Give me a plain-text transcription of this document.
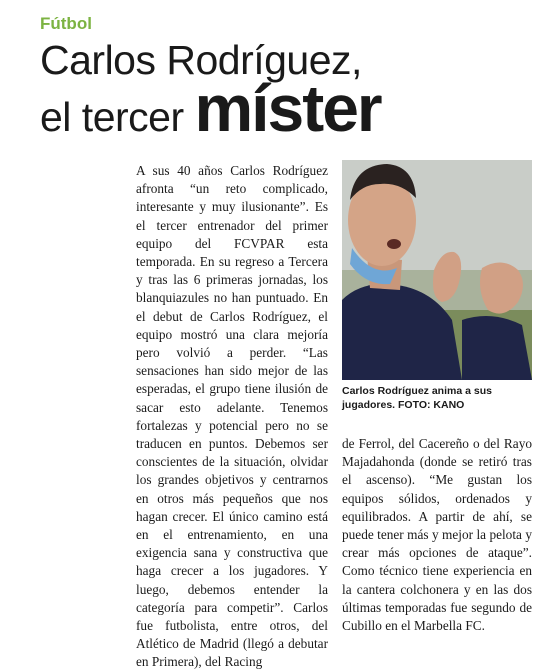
Fútbol
Carlos Rodríguez,
el tercer míster

A sus 40 años Carlos Rodríguez afronta “un reto complicado, interesante y muy ilusionante”. Es el tercer entrenador del primer equipo del FCVPAR esta temporada. En su regreso a Tercera y tras las 6 primeras jornadas, los blanquiazules no han puntuado. En el debut de Carlos Rodríguez, el equipo mostró una clara mejoría pero volvió a perder. “Las sensaciones han sido mejor de las esperadas, el grupo tiene ilusión de sacar esto adelante. Tenemos fortalezas y potencial pero no se traducen en puntos. Debemos ser conscientes de la situación, olvidar los grandes objetivos y centrarnos en otros más pequeños que nos hagan crecer. El único camino está en el entrenamiento, en una exigencia sana y constructiva que haga crecer a los jugadores. Y luego, debemos entender la categoría para competir”. Carlos fue futbolista, entre otros, del Atlético de Madrid (llegó a debutar en Primera), del Racing

Carlos Rodríguez anima a sus jugadores. FOTO: KANO

de Ferrol, del Cacereño o del Rayo Majadahonda (donde se retiró tras el ascenso). “Me gustan los equipos sólidos, ordenados y equilibrados. A partir de ahí, se puede tener más y mejor la pelota y crear más opciones de ataque”. Como técnico tiene experiencia en la cantera colchonera y en las dos últimas temporadas fue segundo de Cubillo en el Marbella FC.
